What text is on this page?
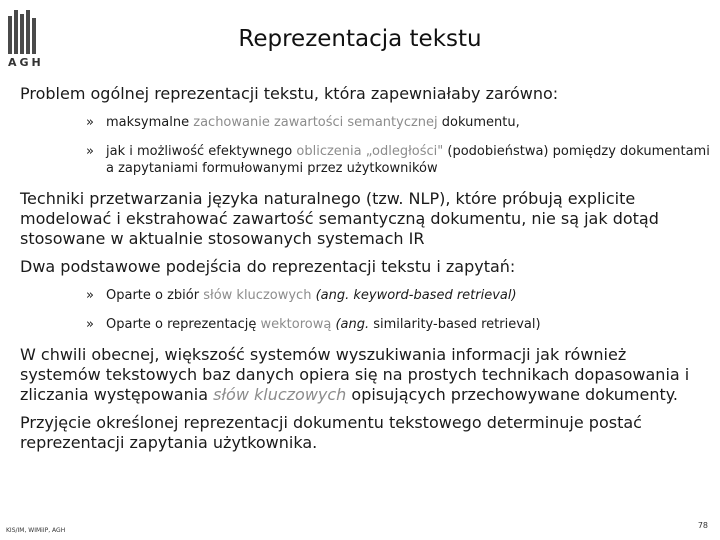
AGH
Reprezentacja tekstu

Problem ogólnej reprezentacji tekstu, która zapewniałaby zarówno:

» maksymalne zachowanie zawartości semantycznej dokumentu,
» jak i możliwość efektywnego obliczenia „odległości" (podobieństwa) pomiędzy dokumentami a zapytaniami formułowanymi przez użytkowników

Techniki przetwarzania języka naturalnego (tzw. NLP), które próbują explicite modelować i ekstrahować zawartość semantyczną dokumentu, nie są jak dotąd stosowane w aktualnie stosowanych systemach IR

Dwa podstawowe podejścia do reprezentacji tekstu i zapytań:

» Oparte o zbiór słów kluczowych (ang. keyword-based retrieval)
» Oparte o reprezentację wektorową (ang. similarity-based retrieval)

W chwili obecnej, większość systemów wyszukiwania informacji jak również systemów tekstowych baz danych opiera się na prostych technikach dopasowania i zliczania występowania słów kluczowych opisujących przechowywane dokumenty.

Przyjęcie określonej reprezentacji dokumentu tekstowego determinuje postać reprezentacji zapytania użytkownika.

KIS/IM, WIMiIP, AGH
78
